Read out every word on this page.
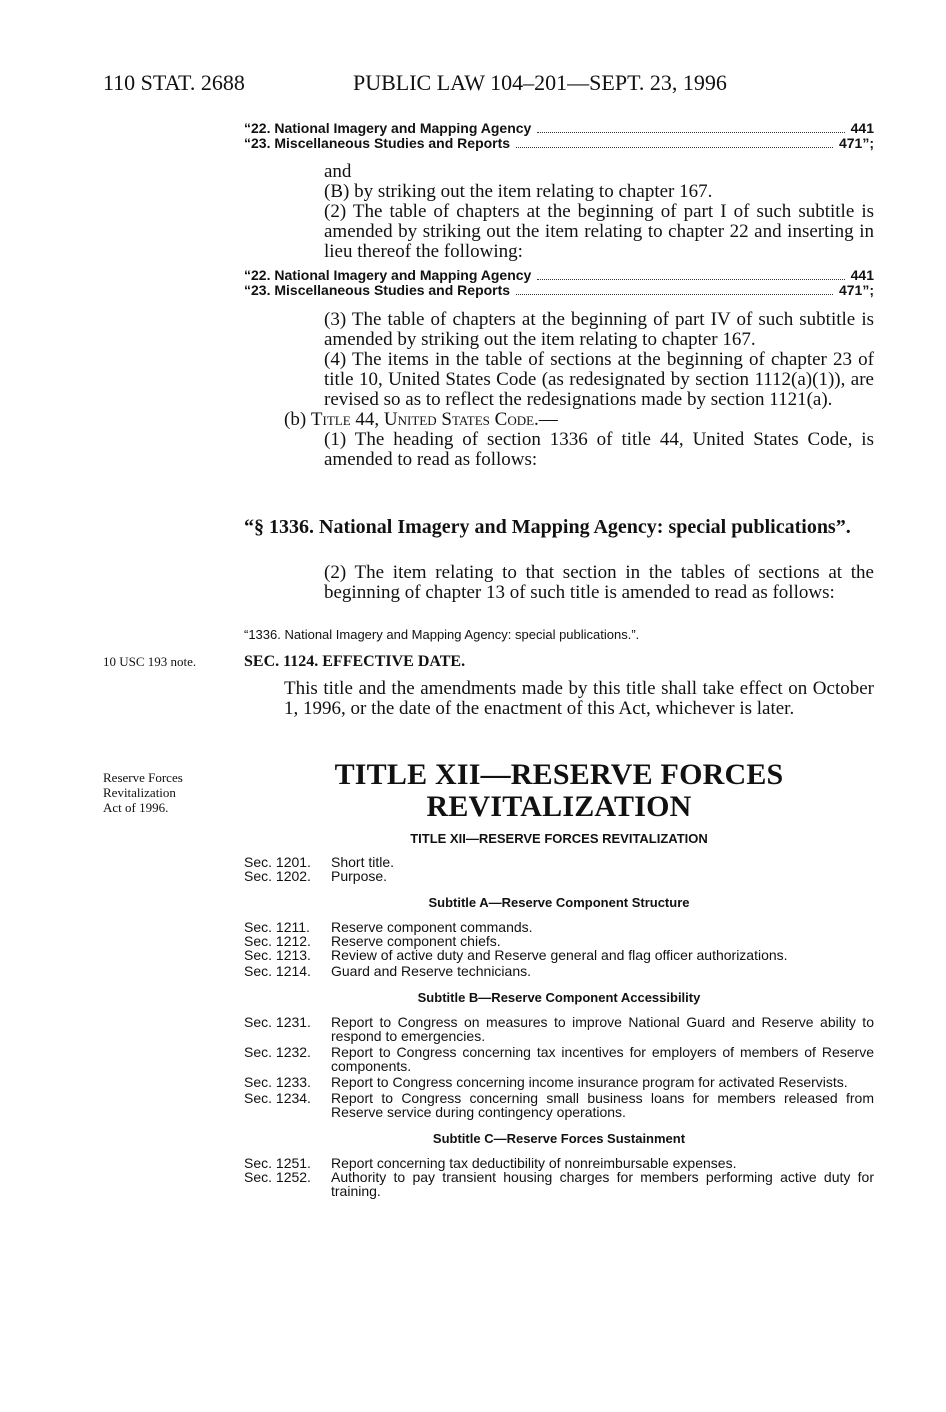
110 STAT. 2688	PUBLIC LAW 104–201—SEPT. 23, 1996
“22. National Imagery and Mapping Agency	441
“23. Miscellaneous Studies and Reports	471”;

and

(B) by striking out the item relating to chapter 167.

(2) The table of chapters at the beginning of part I of such subtitle is amended by striking out the item relating to chapter 22 and inserting in lieu thereof the following:

“22. National Imagery and Mapping Agency	441
“23. Miscellaneous Studies and Reports	471”;

(3) The table of chapters at the beginning of part IV of such subtitle is amended by striking out the item relating to chapter 167.

(4) The items in the table of sections at the beginning of chapter 23 of title 10, United States Code (as redesignated by section 1112(a)(1)), are revised so as to reflect the redesignations made by section 1121(a).

(b) Title 44, United States Code.—

(1) The heading of section 1336 of title 44, United States Code, is amended to read as follows:

“§ 1336. National Imagery and Mapping Agency: special publications”.

(2) The item relating to that section in the tables of sections at the beginning of chapter 13 of such title is amended to read as follows:

“1336. National Imagery and Mapping Agency: special publications.”.
10 USC 193 note.	SEC. 1124. EFFECTIVE DATE.

This title and the amendments made by this title shall take effect on October 1, 1996, or the date of the enactment of this Act, whichever is later.

Reserve Forces
Revitalization
Act of 1996.
TITLE XII—RESERVE FORCES
REVITALIZATION
TITLE XII—RESERVE FORCES REVITALIZATION
Sec. 1201.	Short title.
Sec. 1202.	Purpose.
Subtitle A—Reserve Component Structure
Sec. 1211.	Reserve component commands.
Sec. 1212.	Reserve component chiefs.
Sec. 1213.	Review of active duty and Reserve general and flag officer authorizations.
Sec. 1214.	Guard and Reserve technicians.
Subtitle B—Reserve Component Accessibility
Sec. 1231.	Report to Congress on measures to improve National Guard and Reserve ability to respond to emergencies.
Sec. 1232.	Report to Congress concerning tax incentives for employers of members of Reserve components.
Sec. 1233.	Report to Congress concerning income insurance program for activated Reservists.
Sec. 1234.	Report to Congress concerning small business loans for members released from Reserve service during contingency operations.
Subtitle C—Reserve Forces Sustainment
Sec. 1251.	Report concerning tax deductibility of nonreimbursable expenses.
Sec. 1252.	Authority to pay transient housing charges for members performing active duty for training.
